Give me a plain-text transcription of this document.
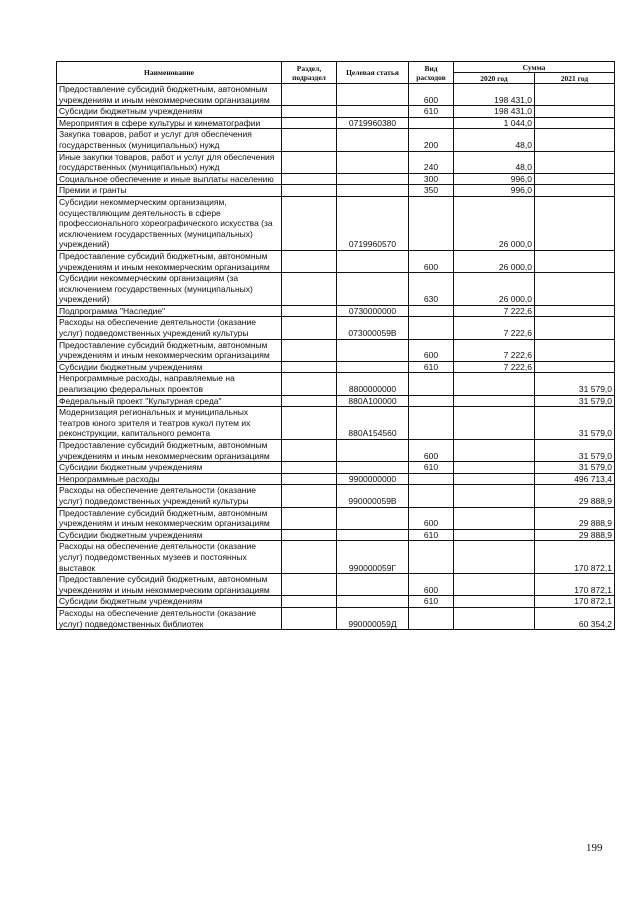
Наименование	Раздел, подраздел	Целевая статья	Вид расходов	Сумма	
				2020 год	2021 год
Предоставление субсидий бюджетным, автономным учреждениям и иным некоммерческим организациям			600	198 431,0	
Субсидии бюджетным учреждениям			610	198 431,0	
Мероприятия в сфере культуры и кинематографии		0719960380		1 044,0	
Закупка товаров, работ и услуг для обеспечения государственных (муниципальных) нужд			200	48,0	
Иные закупки товаров, работ и услуг для обеспечения государственных (муниципальных) нужд			240	48,0	
Социальное обеспечение и иные выплаты населению			300	996,0	
Премии и гранты			350	996,0	
Субсидии некоммерческим организациям, осуществляющим деятельность в сфере профессионального хореографического искусства (за исключением государственных (муниципальных) учреждений)		0719960570		26 000,0	
Предоставление субсидий бюджетным, автономным учреждениям и иным некоммерческим организациям			600	26 000,0	
Субсидии некоммерческим организациям (за исключением государственных (муниципальных) учреждений)			630	26 000,0	
Подпрограмма "Наследие"		0730000000		7 222,6	
Расходы на обеспечение деятельности (оказание услуг) подведомственных учреждений культуры		073000059В		7 222,6	
Предоставление субсидий бюджетным, автономным учреждениям и иным некоммерческим организациям			600	7 222,6	
Субсидии бюджетным учреждениям			610	7 222,6	
Непрограммные расходы, направляемые на реализацию федеральных проектов		8800000000			31 579,0
Федеральный проект "Культурная среда"		880А100000			31 579,0
Модернизация региональных и муниципальных театров юного зрителя и театров кукол путем их реконструкции, капитального ремонта		880А154560			31 579,0
Предоставление субсидий бюджетным, автономным учреждениям и иным некоммерческим организациям			600		31 579,0
Субсидии бюджетным учреждениям			610		31 579,0
Непрограммные расходы		9900000000			496 713,4
Расходы на обеспечение деятельности (оказание услуг) подведомственных учреждений культуры		990000059В			29 888,9
Предоставление субсидий бюджетным, автономным учреждениям и иным некоммерческим организациям			600		29 888,9
Субсидии бюджетным учреждениям			610		29 888,9
Расходы на обеспечение деятельности (оказание услуг) подведомственных музеев и постоянных выставок		990000059Г			170 872,1
Предоставление субсидий бюджетным, автономным учреждениям и иным некоммерческим организациям			600		170 872,1
Субсидии бюджетным учреждениям			610		170 872,1
Расходы на обеспечение деятельности (оказание услуг) подведомственных библиотек		990000059Д			60 354,2
199
